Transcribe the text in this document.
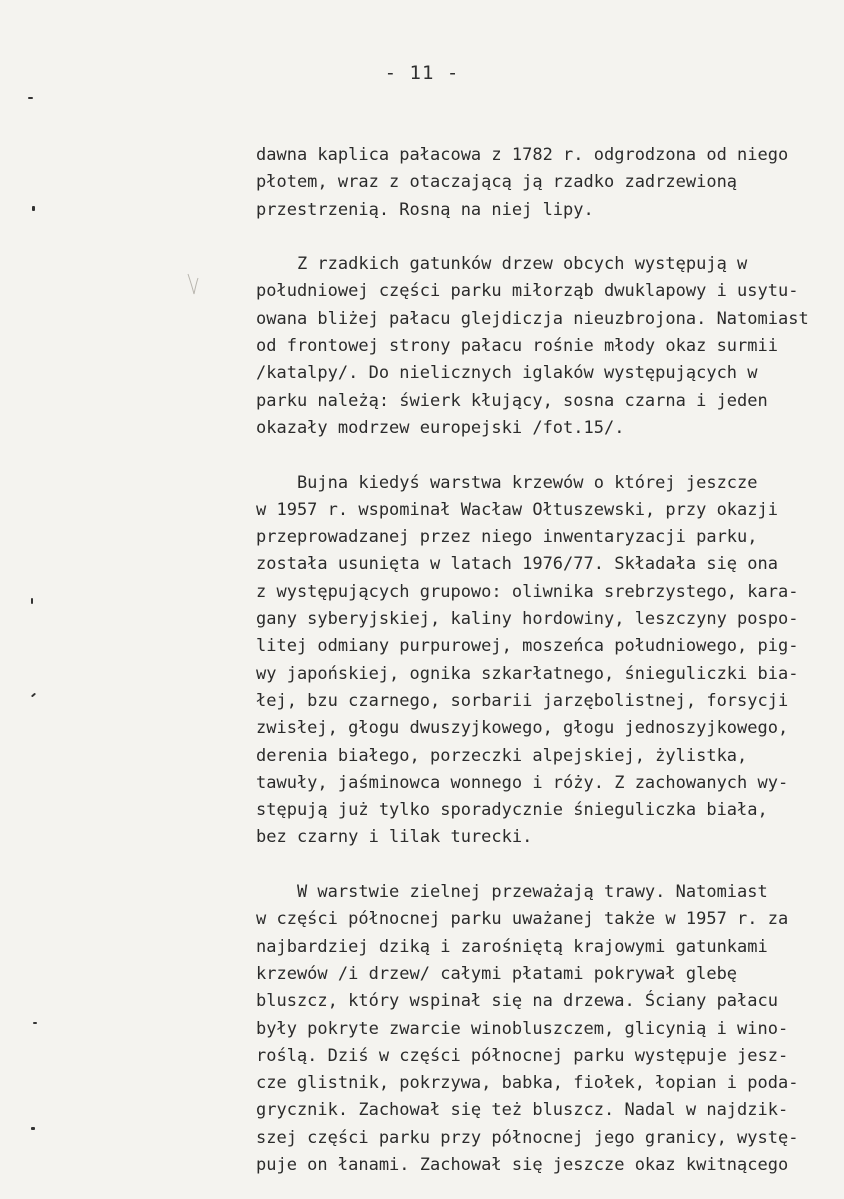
- 11 -
dawna kaplica pałacowa z 1782 r. odgrodzona od niego
płotem, wraz z otaczającą ją rzadko zadrzewioną
przestrzenią. Rosną na niej lipy.
Z rzadkich gatunków drzew obcych występują w
południowej części parku miłorząb dwuklapowy i usytu-
owana bliżej pałacu glejdiczja nieuzbrojona. Natomiast
od frontowej strony pałacu rośnie młody okaz surmii
/katalpy/. Do nielicznych iglaków występujących w
parku należą: świerk kłujący, sosna czarna i jeden
okazały modrzew europejski /fot.15/.
Bujna kiedyś warstwa krzewów o której jeszcze
w 1957 r. wspominał Wacław Ołtuszewski, przy okazji
przeprowadzanej przez niego inwentaryzacji parku,
została usunięta w latach 1976/77. Składała się ona
z występujących grupowo: oliwnika srebrzystego, kara-
gany syberyjskiej, kaliny hordowiny, leszczyny pospo-
litej odmiany purpurowej, moszeńca południowego, pig-
wy japońskiej, ognika szkarłatnego, śnieguliczki bia-
łej, bzu czarnego, sorbarii jarzębolistnej, forsycji
zwisłej, głogu dwuszyjkowego, głogu jednoszyjkowego,
derenia białego, porzeczki alpejskiej, żylistka,
tawuły, jaśminowca wonnego i róży. Z zachowanych wy-
stępują już tylko sporadycznie śnieguliczka biała,
bez czarny i lilak turecki.
W warstwie zielnej przeważają trawy. Natomiast
w części północnej parku uważanej także w 1957 r. za
najbardziej dziką i zarośniętą krajowymi gatunkami
krzewów /i drzew/ całymi płatami pokrywał glebę
bluszcz, który wspinał się na drzewa. Ściany pałacu
były pokryte zwarcie winobluszczem, glicynią i wino-
roślą. Dziś w części północnej parku występuje jesz-
cze glistnik, pokrzywa, babka, fiołek, łopian i poda-
grycznik. Zachował się też bluszcz. Nadal w najdzik-
szej części parku przy północnej jego granicy, wystę-
puje on łanami. Zachował się jeszcze okaz kwitnącego
